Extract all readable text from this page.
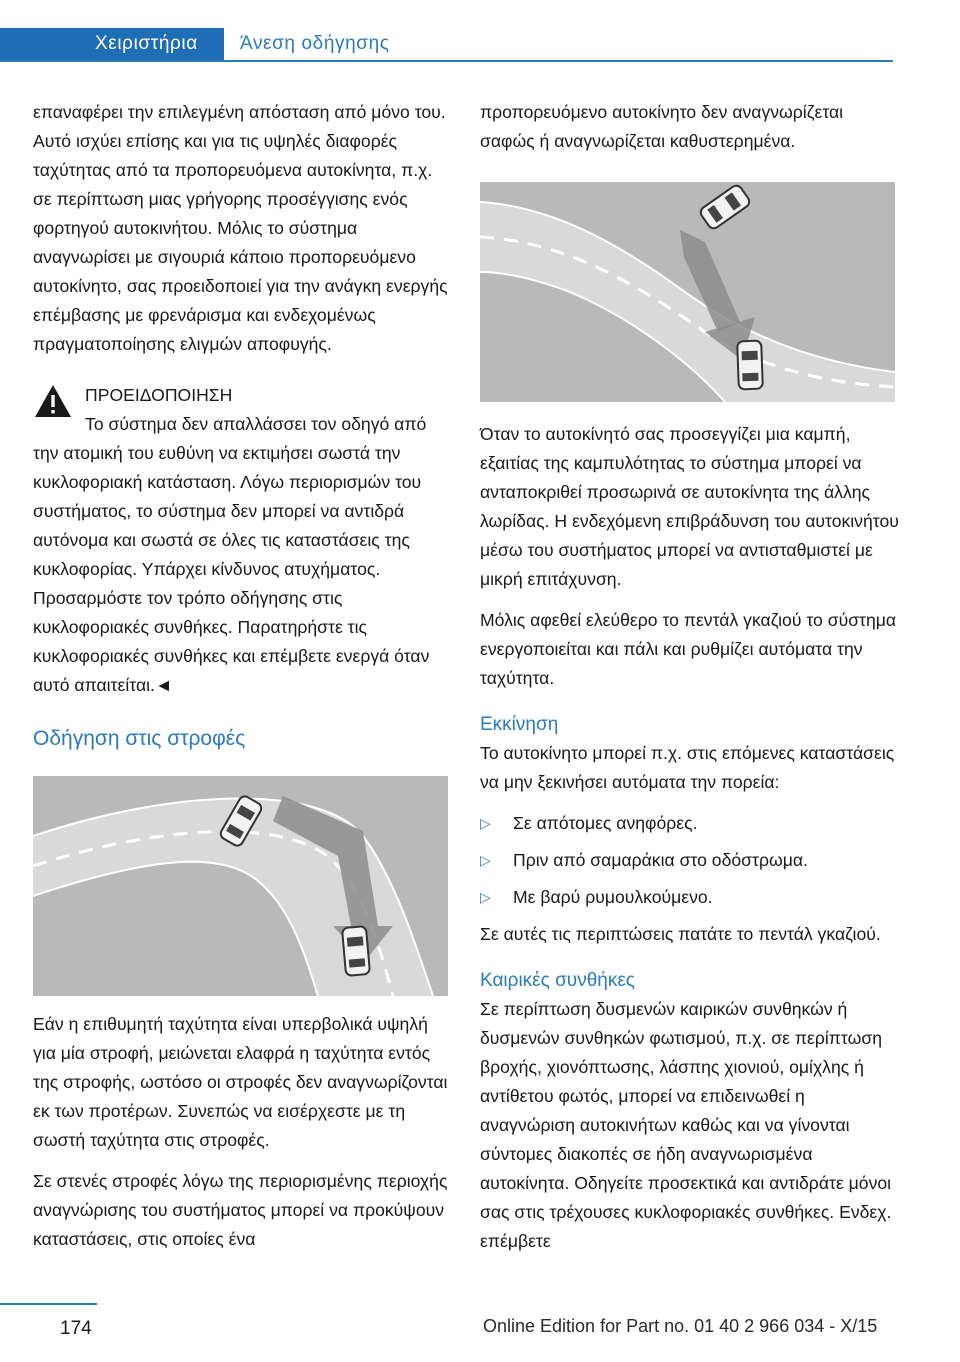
Χειριστήρια	Άνεση οδήγησης

επαναφέρει την επιλεγμένη απόσταση από μόνο του. Αυτό ισχύει επίσης και για τις υψηλές διαφορές ταχύτητας από τα προπορευόμενα αυτοκίνητα, π.χ. σε περίπτωση μιας γρήγορης προσέγγισης ενός φορτηγού αυτοκινήτου. Μόλις το σύστημα αναγνωρίσει με σιγουριά κάποιο προπορευόμενο αυτοκίνητο, σας προειδοποιεί για την ανάγκη ενεργής επέμβασης με φρενάρισμα και ενδεχομένως πραγματοποίησης ελιγμών αποφυγής.

ΠΡΟΕΙΔΟΠΟΙΗΣΗ

Το σύστημα δεν απαλλάσσει τον οδηγό από την ατομική του ευθύνη να εκτιμήσει σωστά την κυκλοφοριακή κατάσταση. Λόγω περιορισμών του συστήματος, το σύστημα δεν μπορεί να αντιδρά αυτόνομα και σωστά σε όλες τις καταστάσεις της κυκλοφορίας. Υπάρχει κίνδυνος ατυχήματος. Προσαρμόστε τον τρόπο οδήγησης στις κυκλοφοριακές συνθήκες. Παρατηρήστε τις κυκλοφοριακές συνθήκες και επέμβετε ενεργά όταν αυτό απαιτείται.◄

Οδήγηση στις στροφές

Εάν η επιθυμητή ταχύτητα είναι υπερβολικά υψηλή για μία στροφή, μειώνεται ελαφρά η ταχύτητα εντός της στροφής, ωστόσο οι στροφές δεν αναγνωρίζονται εκ των προτέρων. Συνεπώς να εισέρχεστε με τη σωστή ταχύτητα στις στροφές.

Σε στενές στροφές λόγω της περιορισμένης περιοχής αναγνώρισης του συστήματος μπορεί να προκύψουν καταστάσεις, στις οποίες ένα

προπορευόμενο αυτοκίνητο δεν αναγνωρίζεται σαφώς ή αναγνωρίζεται καθυστερημένα.

Όταν το αυτοκίνητό σας προσεγγίζει μια καμπή, εξαιτίας της καμπυλότητας το σύστημα μπορεί να ανταποκριθεί προσωρινά σε αυτοκίνητα της άλλης λωρίδας. Η ενδεχόμενη επιβράδυνση του αυτοκινήτου μέσω του συστήματος μπορεί να αντισταθμιστεί με μικρή επιτάχυνση.

Μόλις αφεθεί ελεύθερο το πεντάλ γκαζιού το σύστημα ενεργοποιείται και πάλι και ρυθμίζει αυτόματα την ταχύτητα.

Εκκίνηση

Το αυτοκίνητο μπορεί π.χ. στις επόμενες καταστάσεις να μην ξεκινήσει αυτόματα την πορεία:

▷ Σε απότομες ανηφόρες.
▷ Πριν από σαμαράκια στο οδόστρωμα.
▷ Με βαρύ ρυμουλκούμενο.

Σε αυτές τις περιπτώσεις πατάτε το πεντάλ γκαζιού.

Καιρικές συνθήκες

Σε περίπτωση δυσμενών καιρικών συνθηκών ή δυσμενών συνθηκών φωτισμού, π.χ. σε περίπτωση βροχής, χιονόπτωσης, λάσπης χιονιού, ομίχλης ή αντίθετου φωτός, μπορεί να επιδεινωθεί η αναγνώριση αυτοκινήτων καθώς και να γίνονται σύντομες διακοπές σε ήδη αναγνωρισμένα αυτοκίνητα. Οδηγείτε προσεκτικά και αντιδράτε μόνοι σας στις τρέχουσες κυκλοφοριακές συνθήκες. Ενδεχ. επέμβετε

174	Online Edition for Part no. 01 40 2 966 034 - X/15
